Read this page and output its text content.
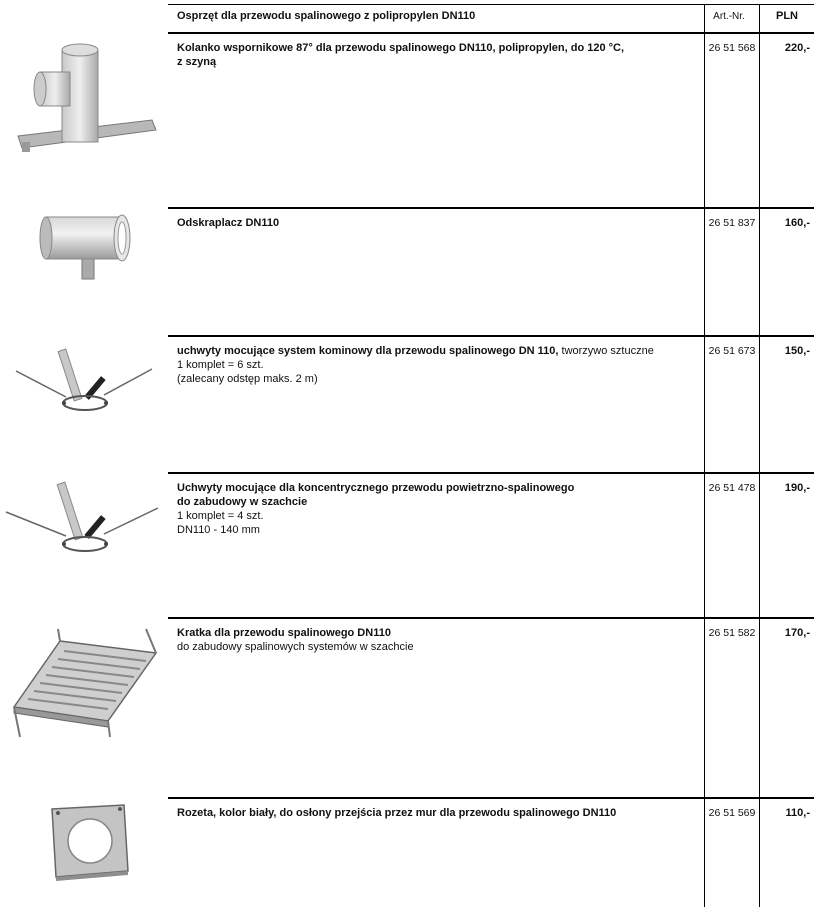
Osprzęt dla przewodu spalinowego z polipropylen DN110	Art.-Nr.	PLN
Kolanko wspornikowe 87° dla przewodu spalinowego DN110, polipropylen, do 120 °C,
z szyną
26 51 568	220,-
Odskraplacz DN110	26 51 837	160,-
uchwyty mocujące system kominowy dla przewodu spalinowego DN 110, tworzywo sztuczne
1 komplet = 6 szt.
(zalecany odstęp maks. 2 m)
26 51 673	150,-
Uchwyty mocujące dla koncentrycznego przewodu powietrzno-spalinowego
do zabudowy w szachcie
1 komplet = 4 szt.
DN110 - 140 mm
26 51 478	190,-
Kratka dla przewodu spalinowego DN110
do zabudowy spalinowych systemów w szachcie
26 51 582	170,-
Rozeta, kolor biały, do osłony przejścia przez mur dla przewodu spalinowego DN110	26 51 569	110,-
